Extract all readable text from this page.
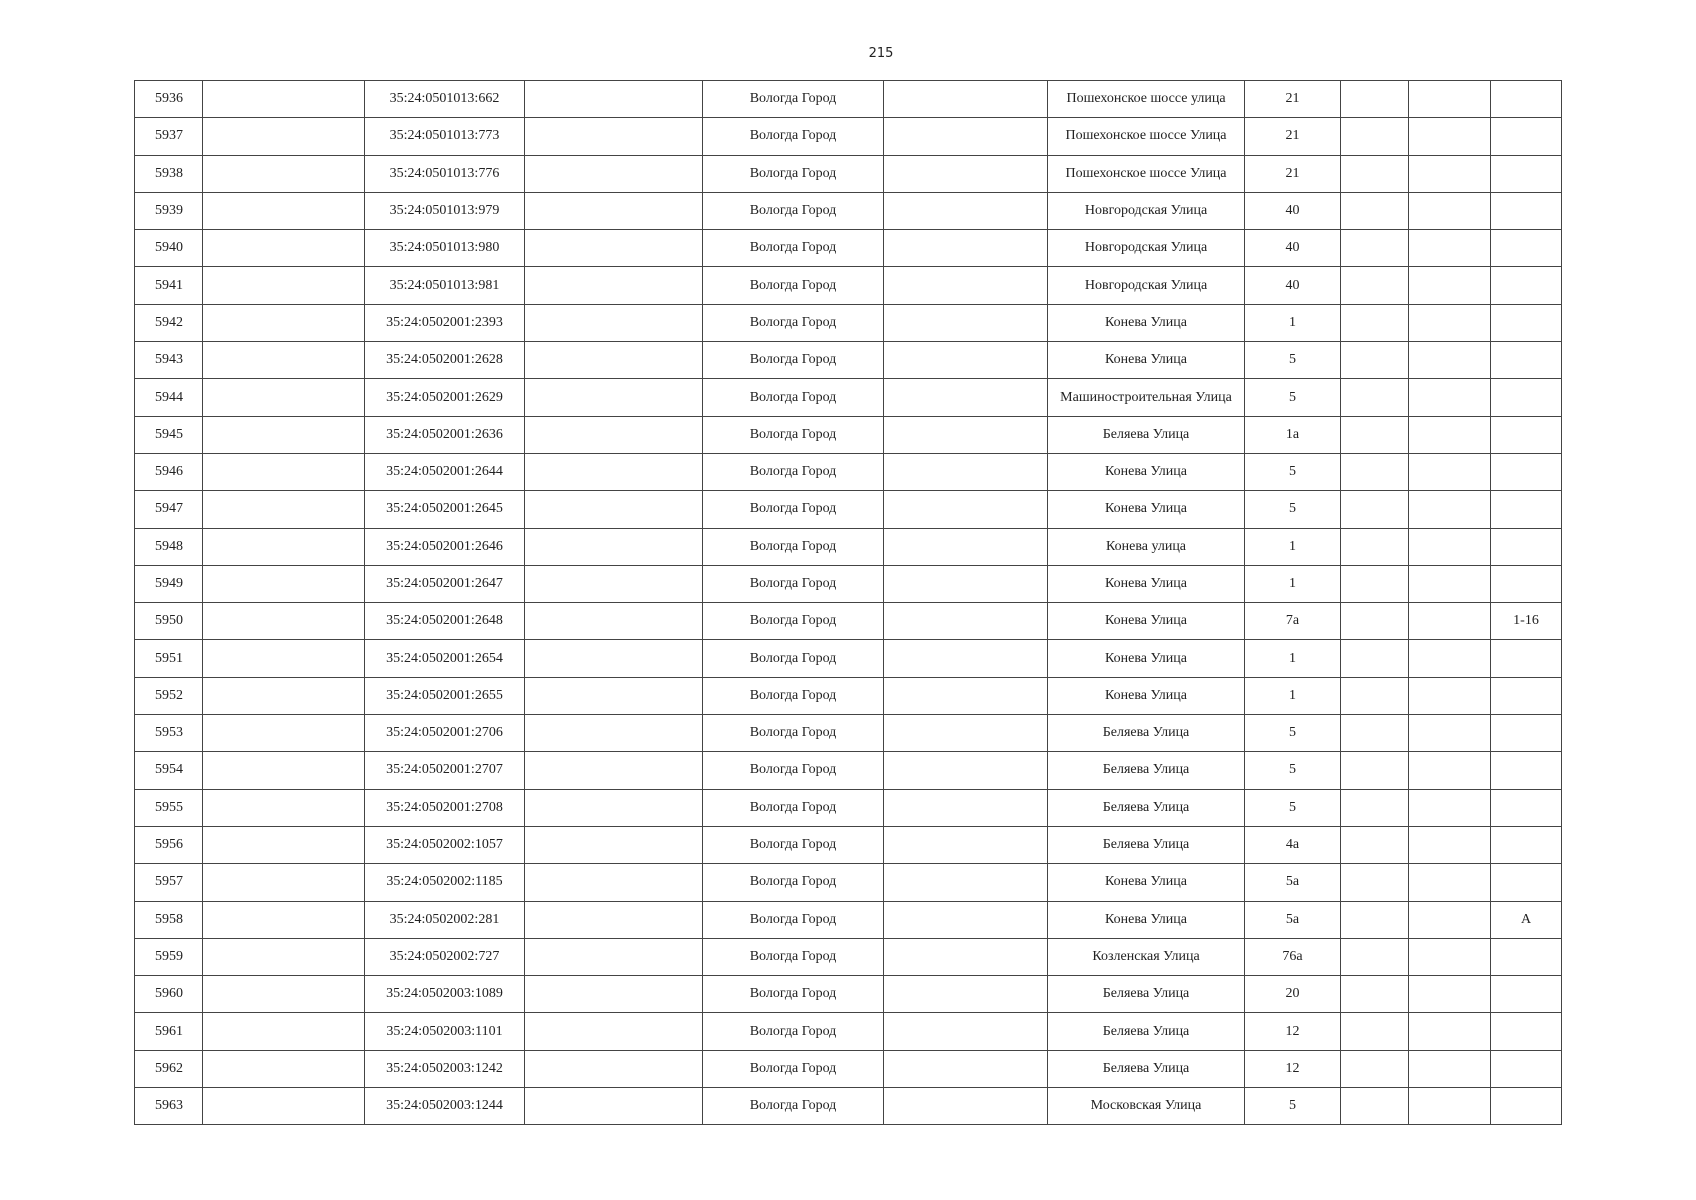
215
5936		35:24:0501013:662		Вологда Город		Пошехонское шоссе улица	21			
5937		35:24:0501013:773		Вологда Город		Пошехонское шоссе Улица	21			
5938		35:24:0501013:776		Вологда Город		Пошехонское шоссе Улица	21			
5939		35:24:0501013:979		Вологда Город		Новгородская Улица	40			
5940		35:24:0501013:980		Вологда Город		Новгородская Улица	40			
5941		35:24:0501013:981		Вологда Город		Новгородская Улица	40			
5942		35:24:0502001:2393		Вологда Город		Конева Улица	1			
5943		35:24:0502001:2628		Вологда Город		Конева Улица	5			
5944		35:24:0502001:2629		Вологда Город		Машиностроительная Улица	5			
5945		35:24:0502001:2636		Вологда Город		Беляева Улица	1а			
5946		35:24:0502001:2644		Вологда Город		Конева Улица	5			
5947		35:24:0502001:2645		Вологда Город		Конева Улица	5			
5948		35:24:0502001:2646		Вологда Город		Конева улица	1			
5949		35:24:0502001:2647		Вологда Город		Конева Улица	1			
5950		35:24:0502001:2648		Вологда Город		Конева Улица	7а			1-16
5951		35:24:0502001:2654		Вологда Город		Конева Улица	1			
5952		35:24:0502001:2655		Вологда Город		Конева Улица	1			
5953		35:24:0502001:2706		Вологда Город		Беляева Улица	5			
5954		35:24:0502001:2707		Вологда Город		Беляева Улица	5			
5955		35:24:0502001:2708		Вологда Город		Беляева Улица	5			
5956		35:24:0502002:1057		Вологда Город		Беляева Улица	4а			
5957		35:24:0502002:1185		Вологда Город		Конева Улица	5а			
5958		35:24:0502002:281		Вологда Город		Конева Улица	5а			А
5959		35:24:0502002:727		Вологда Город		Козленская Улица	76а			
5960		35:24:0502003:1089		Вологда Город		Беляева Улица	20			
5961		35:24:0502003:1101		Вологда Город		Беляева Улица	12			
5962		35:24:0502003:1242		Вологда Город		Беляева Улица	12			
5963		35:24:0502003:1244		Вологда Город		Московская Улица	5			
